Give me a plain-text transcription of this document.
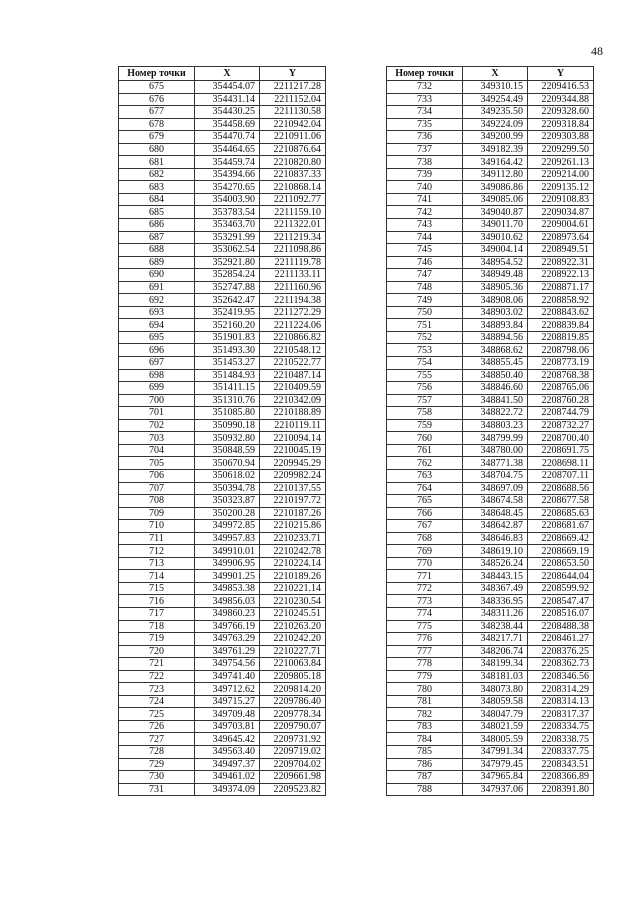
48
Номер точки	X	Y
675	354454.07	2211217.28
676	354431.14	2211152.04
677	354430.25	2211130.58
678	354458.69	2210942.04
679	354470.74	2210911.06
680	354464.65	2210876.64
681	354459.74	2210820.80
682	354394.66	2210837.33
683	354270.65	2210868.14
684	354003.90	2211092.77
685	353783.54	2211159.10
686	353463.70	2211322.01
687	353291.99	2211219.34
688	353062.54	2211098.86
689	352921.80	2211119.78
690	352854.24	2211133.11
691	352747.88	2211160.96
692	352642.47	2211194.38
693	352419.95	2211272.29
694	352160.20	2211224.06
695	351901.83	2210866.82
696	351493.30	2210548.12
697	351453.27	2210522.77
698	351484.93	2210487.14
699	351411.15	2210409.59
700	351310.76	2210342.09
701	351085.80	2210188.89
702	350990.18	2210119.11
703	350932.80	2210094.14
704	350848.59	2210045.19
705	350670.94	2209945.29
706	350618.02	2209982.24
707	350394.78	2210137.55
708	350323.87	2210197.72
709	350200.28	2210187.26
710	349972.85	2210215.86
711	349957.83	2210233.71
712	349910.01	2210242.78
713	349906.95	2210224.14
714	349901.25	2210189.26
715	349853.38	2210221.14
716	349856.03	2210230.54
717	349860.23	2210245.51
718	349766.19	2210263.20
719	349763.29	2210242.20
720	349761.29	2210227.71
721	349754.56	2210063.84
722	349741.40	2209805.18
723	349712.62	2209814.20
724	349715.27	2209786.40
725	349709.48	2209778.34
726	349703.81	2209790.07
727	349645.42	2209731.92
728	349563.40	2209719.02
729	349497.37	2209704.02
730	349461.02	2209661.98
731	349374.09	2209523.82
Номер точки	X	Y
732	349310.15	2209416.53
733	349254.49	2209344.88
734	349235.50	2209328.60
735	349224.09	2209318.84
736	349200.99	2209303.88
737	349182.39	2209299.50
738	349164.42	2209261.13
739	349112.80	2209214.00
740	349086.86	2209135.12
741	349085.06	2209108.83
742	349040.87	2209034.87
743	349011.70	2209004.61
744	349010.62	2208973.64
745	349004.14	2208949.51
746	348954.52	2208922.31
747	348949.48	2208922.13
748	348905.36	2208871.17
749	348908.06	2208858.92
750	348903.02	2208843.62
751	348893.84	2208839.84
752	348894.56	2208819.85
753	348868.62	2208798.06
754	348855.45	2208773.19
755	348850.40	2208768.38
756	348846.60	2208765.06
757	348841.50	2208760.28
758	348822.72	2208744.79
759	348803.23	2208732.27
760	348799.99	2208700.40
761	348780.00	2208691.75
762	348771.38	2208698.11
763	348704.75	2208707.11
764	348697.09	2208688.56
765	348674.58	2208677.58
766	348648.45	2208685.63
767	348642.87	2208681.67
768	348646.83	2208669.42
769	348619.10	2208669.19
770	348526.24	2208653.50
771	348443.15	2208644.04
772	348367.49	2208599.92
773	348336.95	2208547.47
774	348311.26	2208516.07
775	348238.44	2208488.38
776	348217.71	2208461.27
777	348206.74	2208376.25
778	348199.34	2208362.73
779	348181.03	2208346.56
780	348073.80	2208314.29
781	348059.58	2208314.13
782	348047.79	2208317.37
783	348021.59	2208334.75
784	348005.59	2208338.75
785	347991.34	2208337.75
786	347979.45	2208343.51
787	347965.84	2208366.89
788	347937.06	2208391.80
